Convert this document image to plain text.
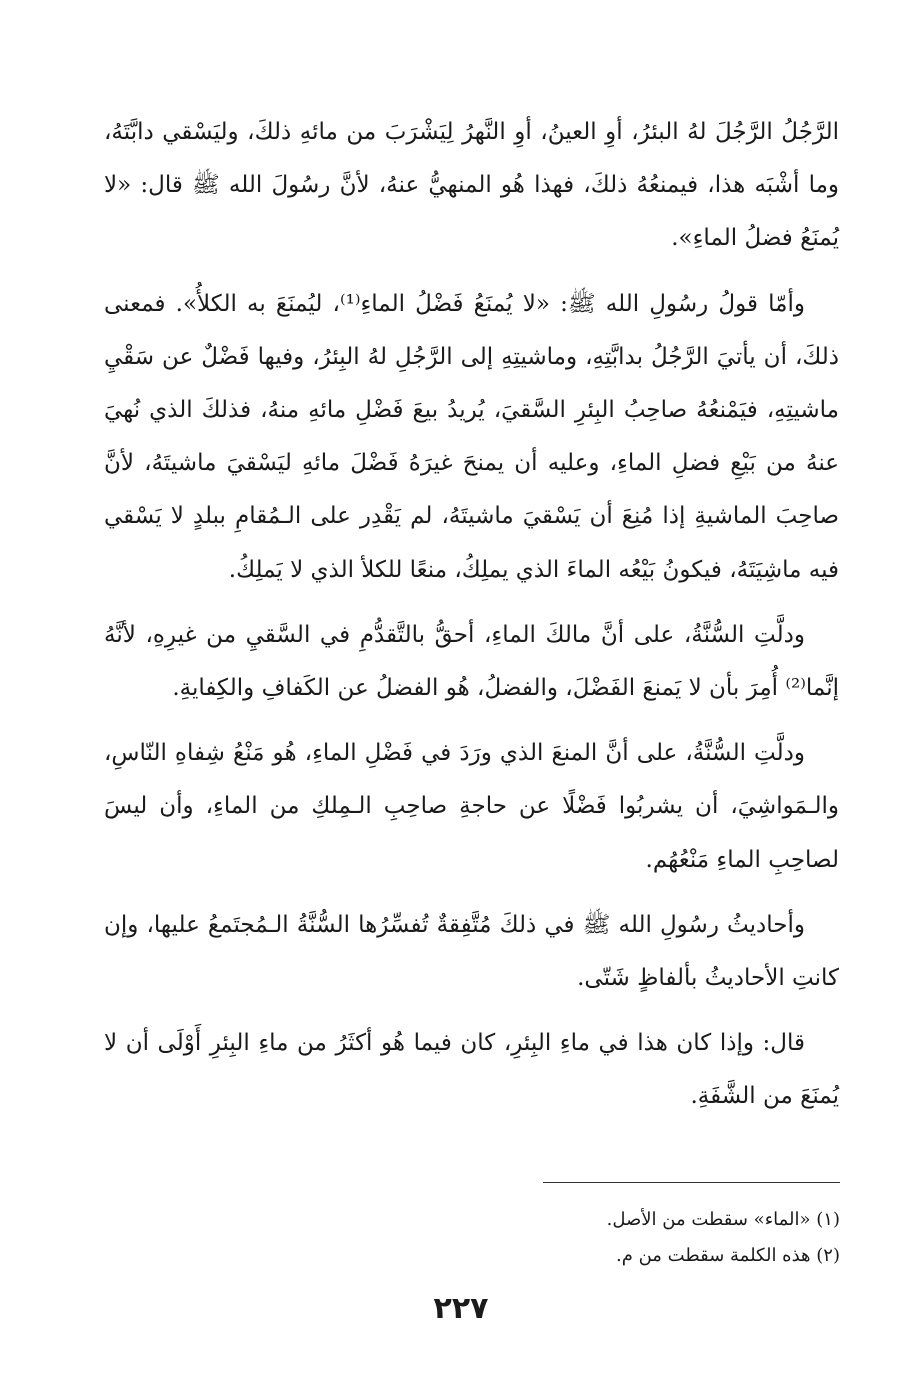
الرَّجُلُ الرَّجُلَ لهُ البئرُ، أوِ العينُ، أوِ النَّهرُ لِيَشْرَبَ من مائهِ ذلكَ، وليَسْقي دابَّتَهُ، وما أشْبَه هذا، فيمنعُهُ ذلكَ، فهذا هُو المنهيُّ عنهُ، لأنَّ رسُولَ الله ﷺ قال: «لا يُمنَعُ فضلُ الماءِ».

وأمّا قولُ رسُولِ الله ﷺ: «لا يُمنَعُ فَضْلُ الماءِ⁽¹⁾، ليُمنَعَ به الكلأُ». فمعنى ذلكَ، أن يأتيَ الرَّجُلُ بدابَّتِهِ، وماشيتِهِ إلى الرَّجُلِ لهُ البِئرُ، وفيها فَضْلٌ عن سَقْيِ ماشيتِهِ، فيَمْنعُهُ صاحِبُ البِئرِ السَّقيَ، يُريدُ بيعَ فَضْلِ مائهِ منهُ، فذلكَ الذي نُهيَ عنهُ من بَيْعِ فضلِ الماءِ، وعليه أن يمنحَ غيرَهُ فَضْلَ مائهِ ليَسْقيَ ماشيتَهُ، لأنَّ صاحِبَ الماشيةِ إذا مُنِعَ أن يَسْقيَ ماشيتَهُ، لم يَقْدِر على الـمُقامِ ببلدٍ لا يَسْقي فيه ماشِيَتَهُ، فيكونُ بَيْعُه الماءَ الذي يملِكُ، منعًا للكلأ الذي لا يَملِكُ.

ودلَّتِ السُّنَّةُ، على أنَّ مالكَ الماءِ، أحقُّ بالتَّقدُّمِ في السَّقيِ من غيرِهِ، لأنَّهُ إنَّما⁽²⁾ أُمِرَ بأن لا يَمنعَ الفَضْلَ، والفضلُ، هُو الفضلُ عن الكَفافِ والكِفايةِ.

ودلَّتِ السُّنَّةُ، على أنَّ المنعَ الذي ورَدَ في فَضْلِ الماءِ، هُو مَنْعُ شِفاهِ النّاسِ، والـمَواشِيَ، أن يشربُوا فَضْلًا عن حاجةِ صاحِبِ الـمِلكِ من الماءِ، وأن ليسَ لصاحِبِ الماءِ مَنْعُهُم.

وأحاديثُ رسُولِ الله ﷺ في ذلكَ مُتَّفِقةٌ تُفسِّرُها السُّنَّةُ الـمُجتَمعُ عليها، وإن كانتِ الأحاديثُ بألفاظٍ شَتّى.

قال: وإذا كان هذا في ماءِ البِئرِ، كان فيما هُو أكثَرُ من ماءِ البِئرِ أَوْلَى أن لا يُمنَعَ من الشَّفَةِ.

(١) «الماء» سقطت من الأصل.

(٢) هذه الكلمة سقطت من م.

٢٢٧
